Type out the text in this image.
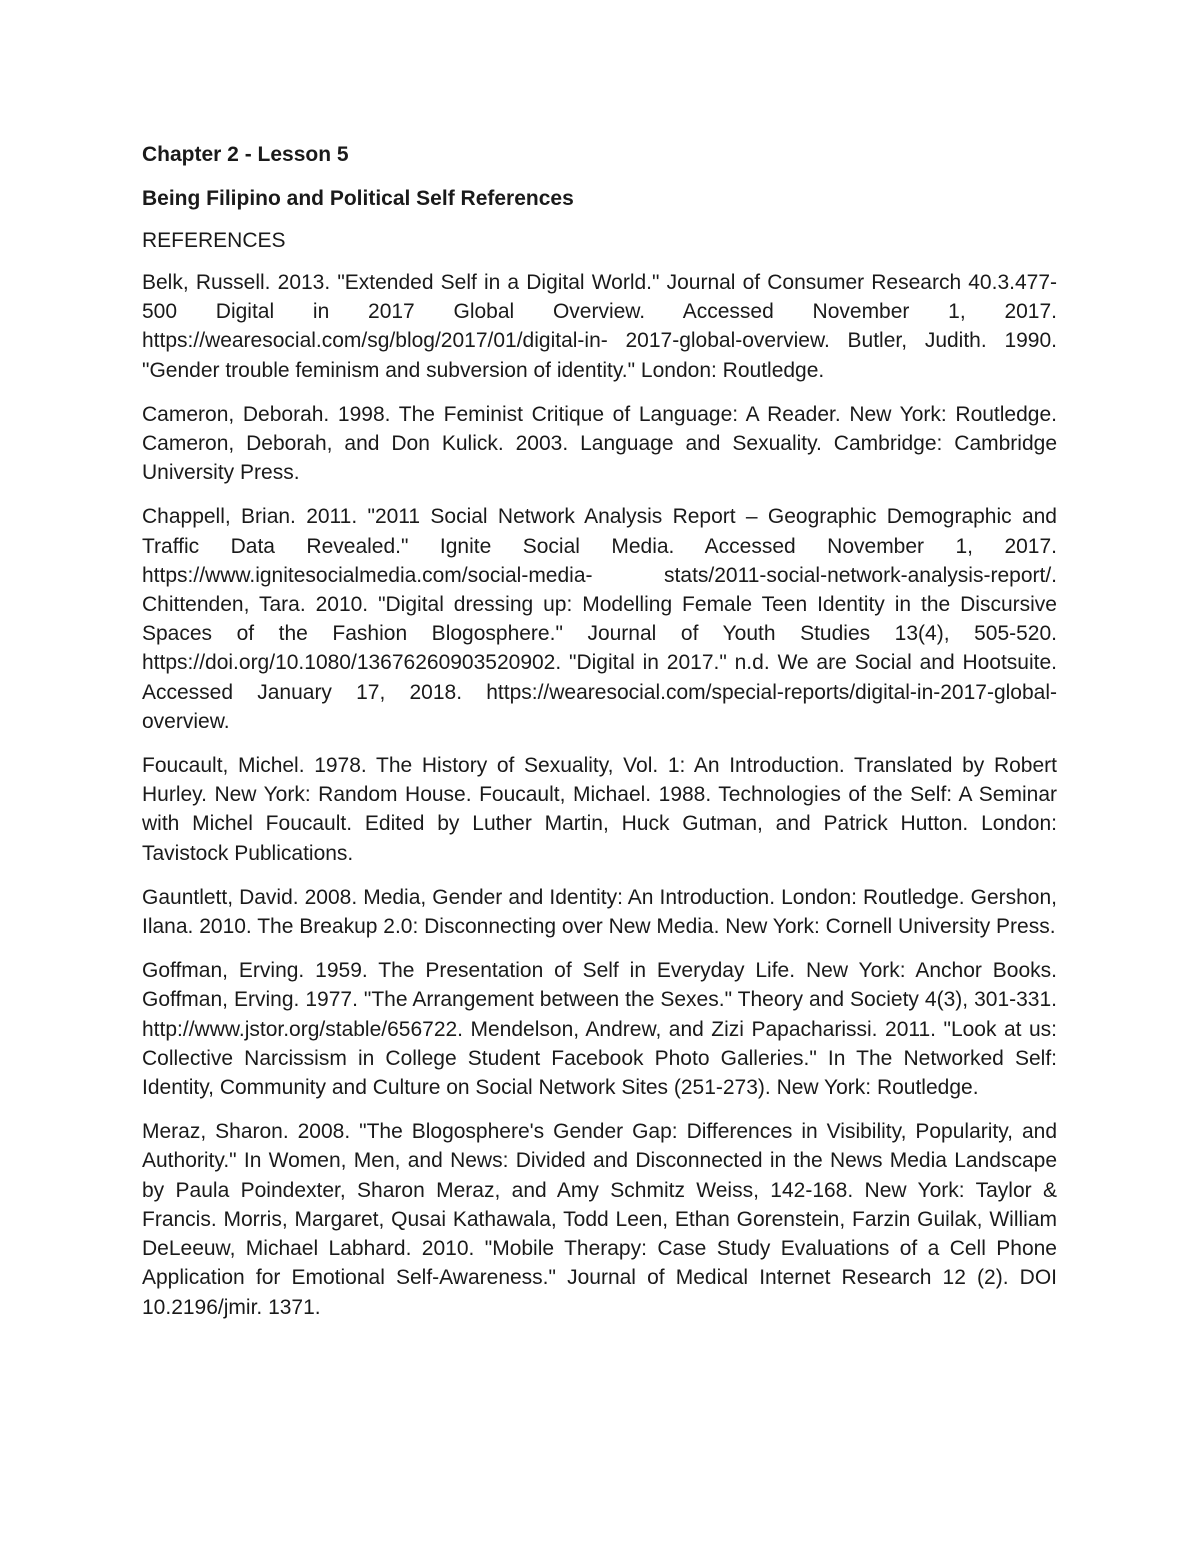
Chapter 2 - Lesson 5
Being Filipino and Political Self References
REFERENCES

Belk, Russell. 2013. "Extended Self in a Digital World." Journal of Consumer Research 40.3.477-500 Digital in 2017 Global Overview. Accessed November 1, 2017. https://wearesocial.com/sg/blog/2017/01/digital-in- 2017-global-overview. Butler, Judith. 1990. "Gender trouble feminism and subversion of identity." London: Routledge.

Cameron, Deborah. 1998. The Feminist Critique of Language: A Reader. New York: Routledge. Cameron, Deborah, and Don Kulick. 2003. Language and Sexuality. Cambridge: Cambridge University Press.

Chappell, Brian. 2011. "2011 Social Network Analysis Report – Geographic Demographic and Traffic Data Revealed." Ignite Social Media. Accessed November 1, 2017. https://www.ignitesocialmedia.com/social-media- stats/2011-social-network-analysis-report/. Chittenden, Tara. 2010. "Digital dressing up: Modelling Female Teen Identity in the Discursive Spaces of the Fashion Blogosphere." Journal of Youth Studies 13(4), 505-520. https://doi.org/10.1080/13676260903520902. "Digital in 2017." n.d. We are Social and Hootsuite. Accessed January 17, 2018. https://wearesocial.com/special-reports/digital-in-2017-global-overview.

Foucault, Michel. 1978. The History of Sexuality, Vol. 1: An Introduction. Translated by Robert Hurley. New York: Random House. Foucault, Michael. 1988. Technologies of the Self: A Seminar with Michel Foucault. Edited by Luther Martin, Huck Gutman, and Patrick Hutton. London: Tavistock Publications.

Gauntlett, David. 2008. Media, Gender and Identity: An Introduction. London: Routledge. Gershon, Ilana. 2010. The Breakup 2.0: Disconnecting over New Media. New York: Cornell University Press.

Goffman, Erving. 1959. The Presentation of Self in Everyday Life. New York: Anchor Books. Goffman, Erving. 1977. "The Arrangement between the Sexes." Theory and Society 4(3), 301-331. http://www.jstor.org/stable/656722. Mendelson, Andrew, and Zizi Papacharissi. 2011. "Look at us: Collective Narcissism in College Student Facebook Photo Galleries." In The Networked Self: Identity, Community and Culture on Social Network Sites (251-273). New York: Routledge.

Meraz, Sharon. 2008. "The Blogosphere's Gender Gap: Differences in Visibility, Popularity, and Authority." In Women, Men, and News: Divided and Disconnected in the News Media Landscape by Paula Poindexter, Sharon Meraz, and Amy Schmitz Weiss, 142-168. New York: Taylor & Francis. Morris, Margaret, Qusai Kathawala, Todd Leen, Ethan Gorenstein, Farzin Guilak, William DeLeeuw, Michael Labhard. 2010. "Mobile Therapy: Case Study Evaluations of a Cell Phone Application for Emotional Self-Awareness." Journal of Medical Internet Research 12 (2). DOI 10.2196/jmir. 1371.
